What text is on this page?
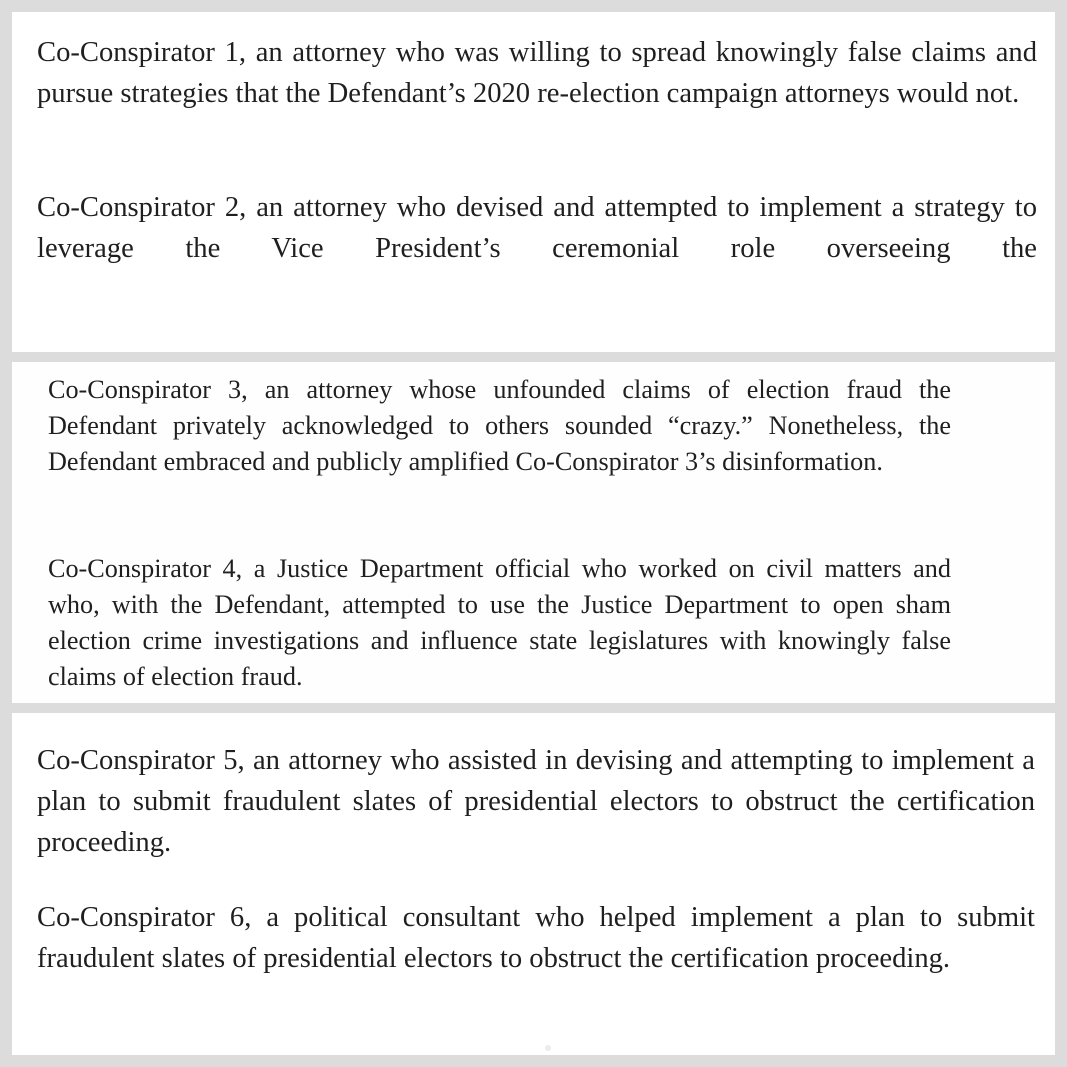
Co-Conspirator 1, an attorney who was willing to spread knowingly false claims and pursue strategies that the Defendant’s 2020 re-election campaign attorneys would not.

Co-Conspirator 2, an attorney who devised and attempted to implement a strategy to leverage the Vice President’s ceremonial role overseeing the

Co-Conspirator 3, an attorney whose unfounded claims of election fraud the Defendant privately acknowledged to others sounded “crazy.” Nonetheless, the Defendant embraced and publicly amplified Co-Conspirator 3’s disinformation.

Co-Conspirator 4, a Justice Department official who worked on civil matters and who, with the Defendant, attempted to use the Justice Department to open sham election crime investigations and influence state legislatures with knowingly false claims of election fraud.

Co-Conspirator 5, an attorney who assisted in devising and attempting to implement a plan to submit fraudulent slates of presidential electors to obstruct the certification proceeding.

Co-Conspirator 6, a political consultant who helped implement a plan to submit fraudulent slates of presidential electors to obstruct the certification proceeding.
